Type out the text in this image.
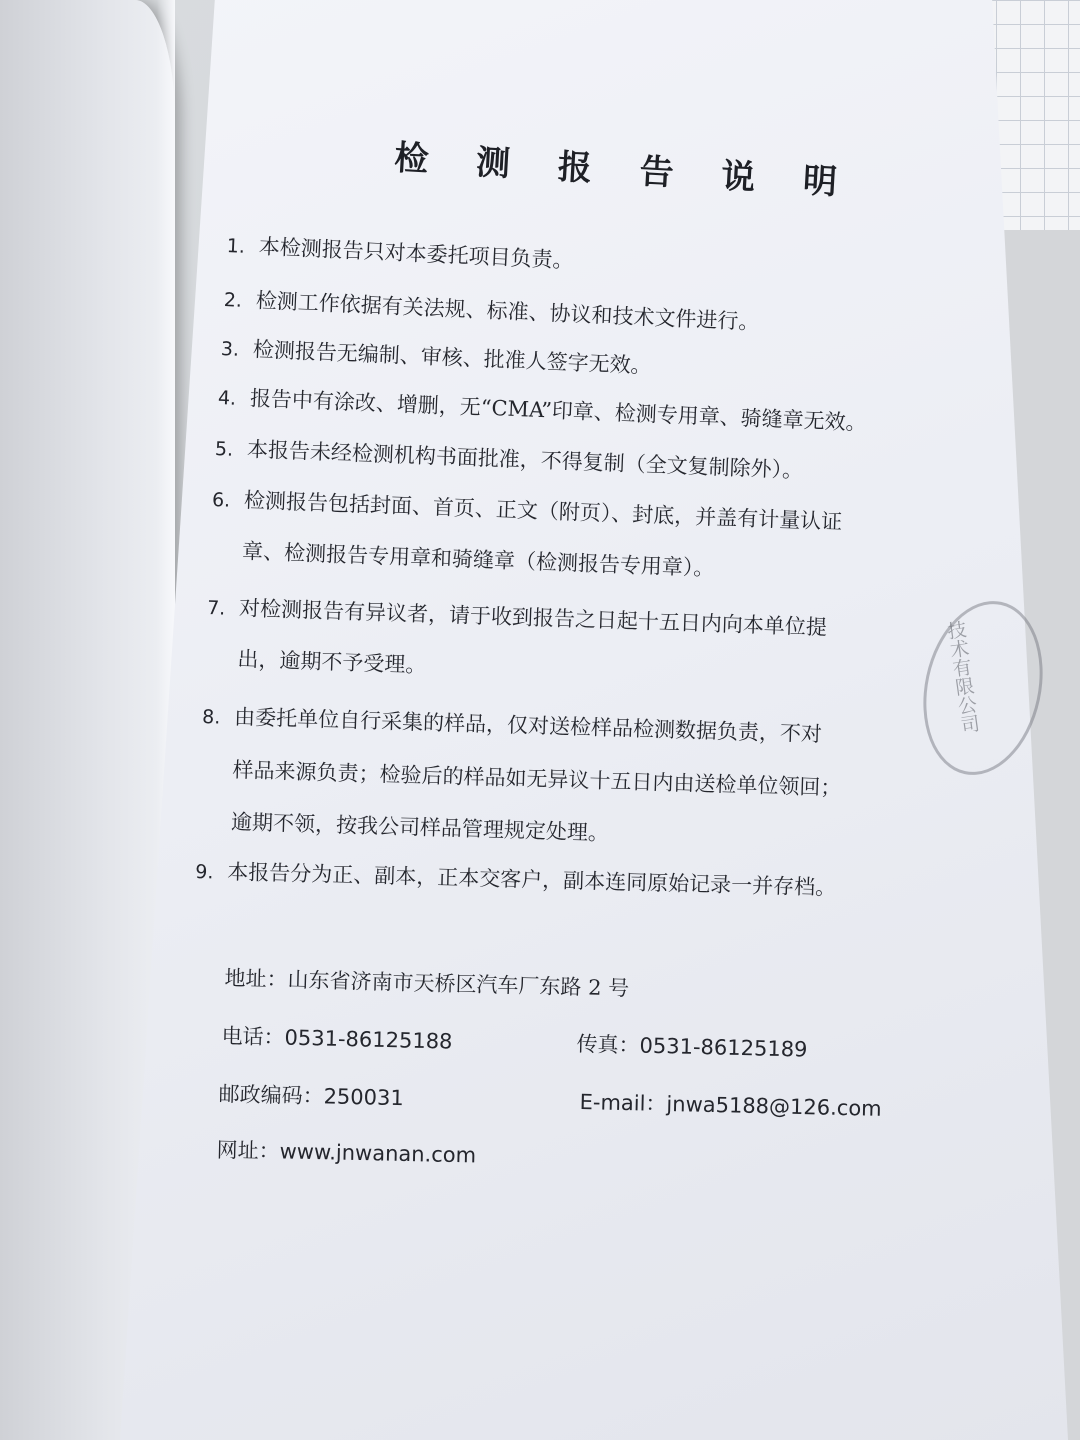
检 测 报 告 说 明
1. 本检测报告只对本委托项目负责。
2. 检测工作依据有关法规、标准、协议和技术文件进行。
3. 检测报告无编制、审核、批准人签字无效。
4. 报告中有涂改、增删，无“CMA”印章、检测专用章、骑缝章无效。
5. 本报告未经检测机构书面批准，不得复制（全文复制除外）。
6. 检测报告包括封面、首页、正文（附页）、封底，并盖有计量认证
章、检测报告专用章和骑缝章（检测报告专用章）。
7. 对检测报告有异议者，请于收到报告之日起十五日内向本单位提
出，逾期不予受理。
8. 由委托单位自行采集的样品，仅对送检样品检测数据负责，不对
样品来源负责；检验后的样品如无异议十五日内由送检单位领回；
逾期不领，按我公司样品管理规定处理。
9. 本报告分为正、副本，正本交客户，副本连同原始记录一并存档。
地址：山东省济南市天桥区汽车厂东路 2 号
电话：0531-86125188	传真：0531-86125189
邮政编码：250031	E-mail：jnwa5188@126.com
网址：www.jnwanan.com
技术有限公司
